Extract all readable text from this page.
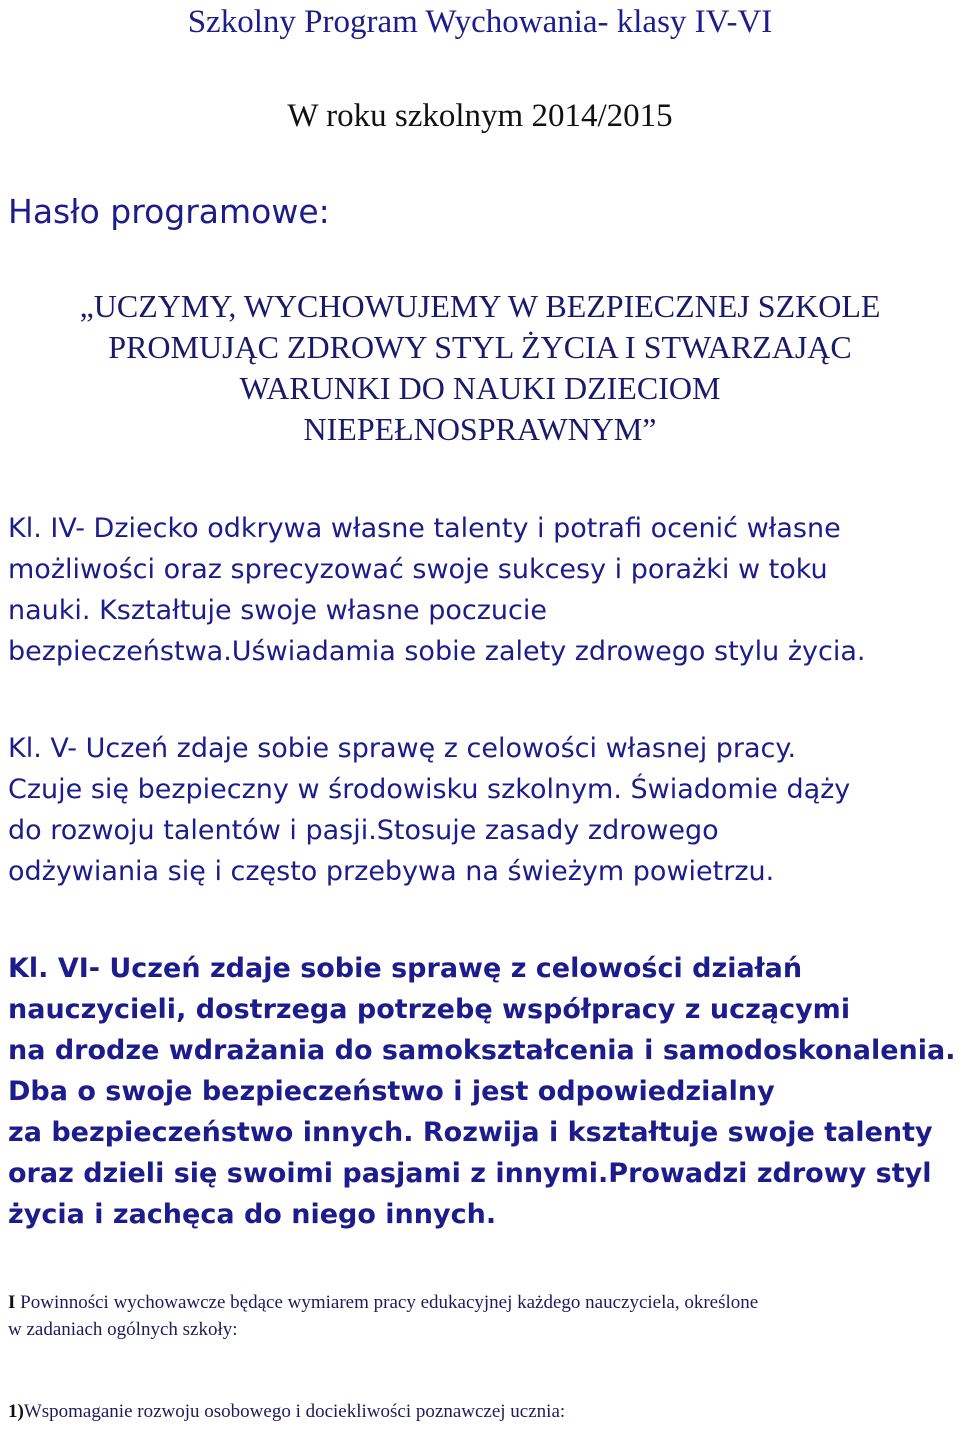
Szkolny Program Wychowania- klasy IV-VI
W roku szkolnym 2014/2015

Hasło programowe:

„UCZYMY, WYCHOWUJEMY W BEZPIECZNEJ SZKOLE
PROMUJĄC ZDROWY STYL ŻYCIA I STWARZAJĄC
WARUNKI DO NAUKI DZIECIOM
NIEPEŁNOSPRAWNYM”

Kl. IV- Dziecko odkrywa własne talenty i potrafi ocenić własne
możliwości oraz sprecyzować swoje sukcesy i porażki w toku
nauki. Kształtuje swoje własne poczucie
bezpieczeństwa.Uświadamia sobie zalety zdrowego stylu życia.

Kl. V- Uczeń zdaje sobie sprawę z celowości własnej pracy.
Czuje się bezpieczny w środowisku szkolnym. Świadomie dąży
do rozwoju talentów i pasji.Stosuje zasady zdrowego
odżywiania się i często przebywa na świeżym powietrzu.

Kl. VI- Uczeń zdaje sobie sprawę z celowości działań
nauczycieli, dostrzega potrzebę współpracy z uczącymi
na drodze wdrażania do samokształcenia i samodoskonalenia.
Dba o swoje bezpieczeństwo i jest odpowiedzialny
za bezpieczeństwo innych. Rozwija i kształtuje swoje talenty
oraz dzieli się swoimi pasjami z innymi.Prowadzi zdrowy styl
życia i zachęca do niego innych.

I Powinności wychowawcze będące wymiarem pracy edukacyjnej każdego nauczyciela, określone
w zadaniach ogólnych szkoły:

1)Wspomaganie rozwoju osobowego i dociekliwości poznawczej ucznia:
